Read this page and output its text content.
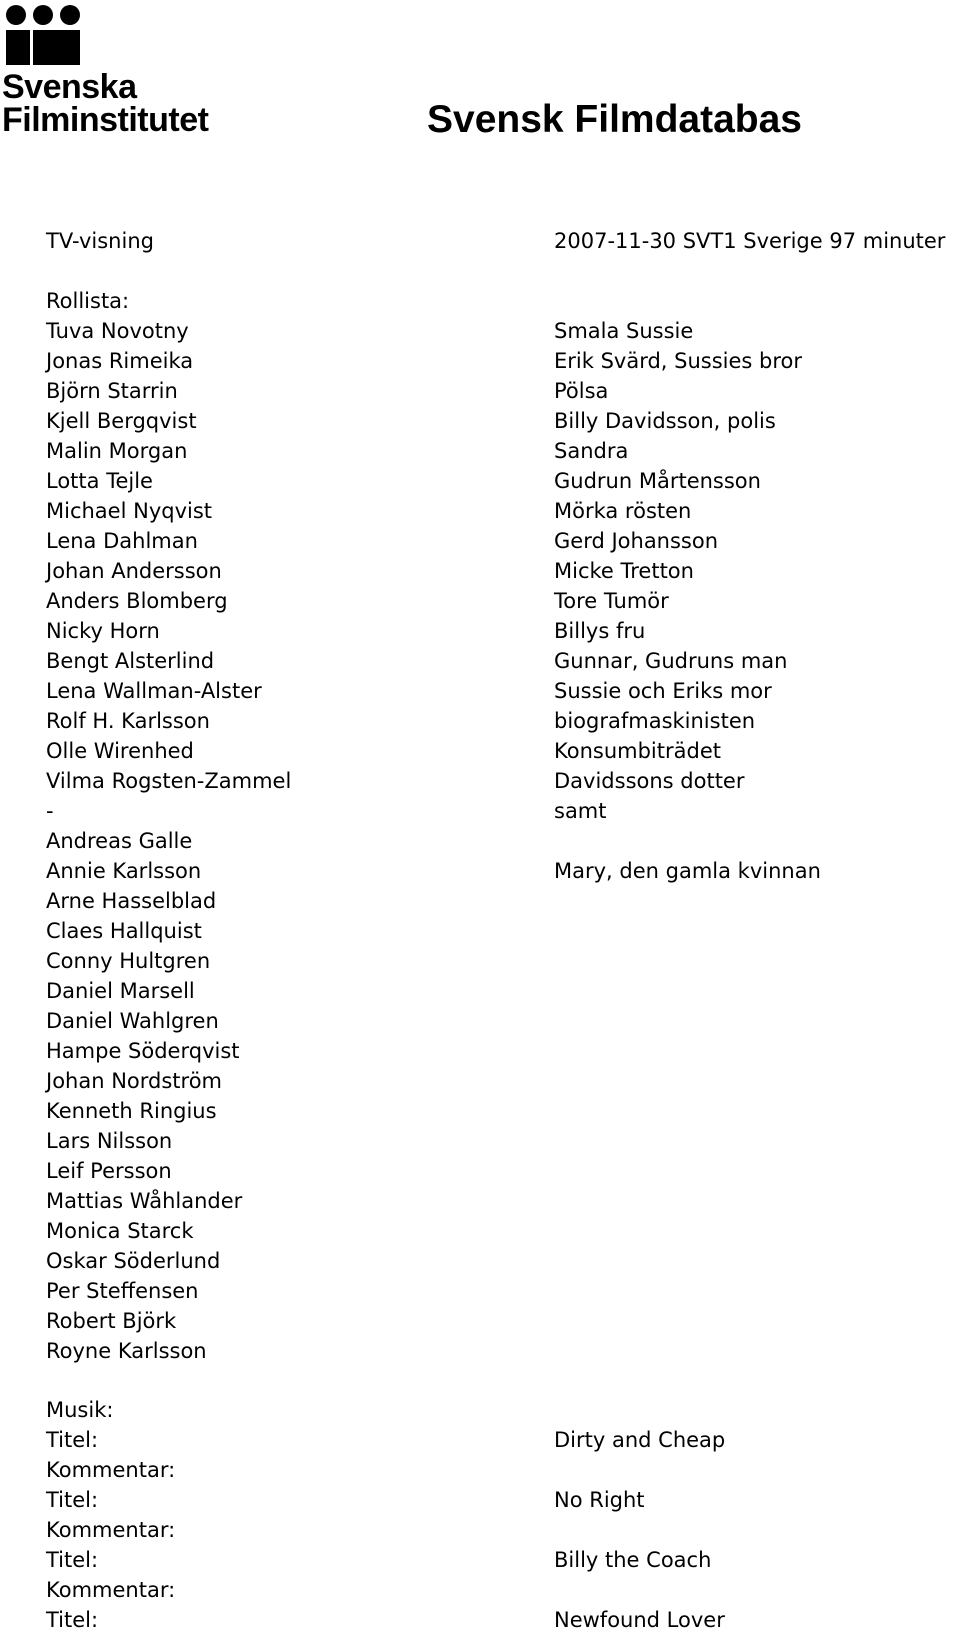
Svenska
Filminstitutet	Svensk Filmdatabas
TV-visning	2007-11-30 SVT1 Sverige 97 minuter
Rollista:
Tuva Novotny	Smala Sussie
Jonas Rimeika	Erik Svärd, Sussies bror
Björn Starrin	Pölsa
Kjell Bergqvist	Billy Davidsson, polis
Malin Morgan	Sandra
Lotta Tejle	Gudrun Mårtensson
Michael Nyqvist	Mörka rösten
Lena Dahlman	Gerd Johansson
Johan Andersson	Micke Tretton
Anders Blomberg	Tore Tumör
Nicky Horn	Billys fru
Bengt Alsterlind	Gunnar, Gudruns man
Lena Wallman-Alster	Sussie och Eriks mor
Rolf H. Karlsson	biografmaskinisten
Olle Wirenhed	Konsumbiträdet
Vilma Rogsten-Zammel	Davidssons dotter
-	samt
Andreas Galle
Annie Karlsson	Mary, den gamla kvinnan
Arne Hasselblad
Claes Hallquist
Conny Hultgren
Daniel Marsell
Daniel Wahlgren
Hampe Söderqvist
Johan Nordström
Kenneth Ringius
Lars Nilsson
Leif Persson
Mattias Wåhlander
Monica Starck
Oskar Söderlund
Per Steffensen
Robert Björk
Royne Karlsson
Musik:
Titel:	Dirty and Cheap
Kommentar:
Titel:	No Right
Kommentar:
Titel:	Billy the Coach
Kommentar:
Titel:	Newfound Lover
